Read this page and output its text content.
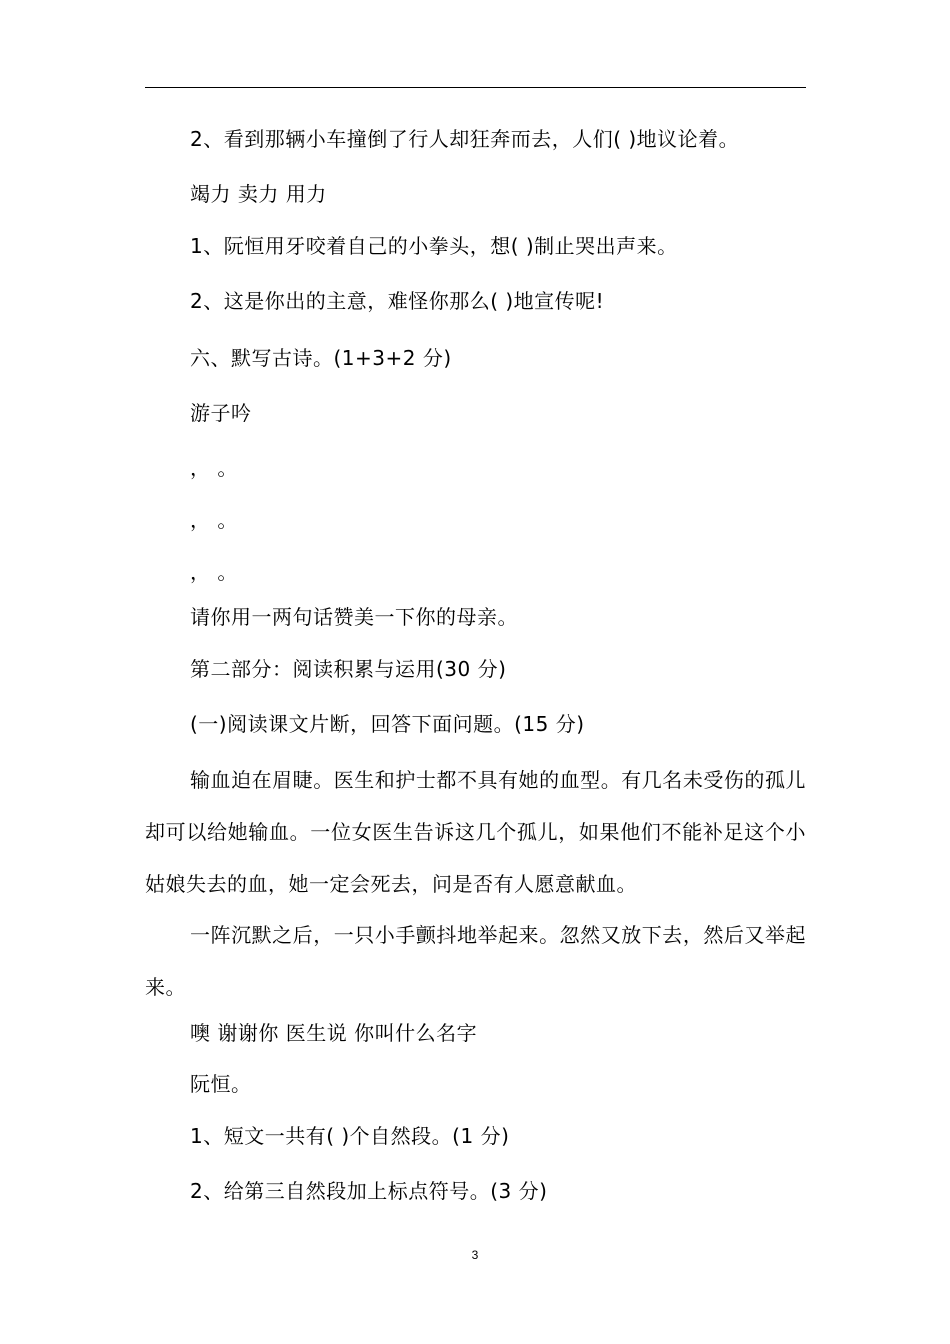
2、看到那辆小车撞倒了行人却狂奔而去，人们( )地议论着。
竭力 卖力 用力
1、阮恒用牙咬着自己的小拳头，想( )制止哭出声来。
2、这是你出的主意，难怪你那么( )地宣传呢!
六、默写古诗。(1+3+2 分)
游子吟
， 。
， 。
， 。
请你用一两句话赞美一下你的母亲。
第二部分：阅读积累与运用(30 分)
(一)阅读课文片断，回答下面问题。(15 分)
输血迫在眉睫。医生和护士都不具有她的血型。有几名未受伤的孤儿却可以给她输血。一位女医生告诉这几个孤儿，如果他们不能补足这个小姑娘失去的血，她一定会死去，问是否有人愿意献血。
一阵沉默之后，一只小手颤抖地举起来。忽然又放下去，然后又举起来。
噢 谢谢你 医生说 你叫什么名字
阮恒。
1、短文一共有( )个自然段。(1 分)
2、给第三自然段加上标点符号。(3 分)
3
